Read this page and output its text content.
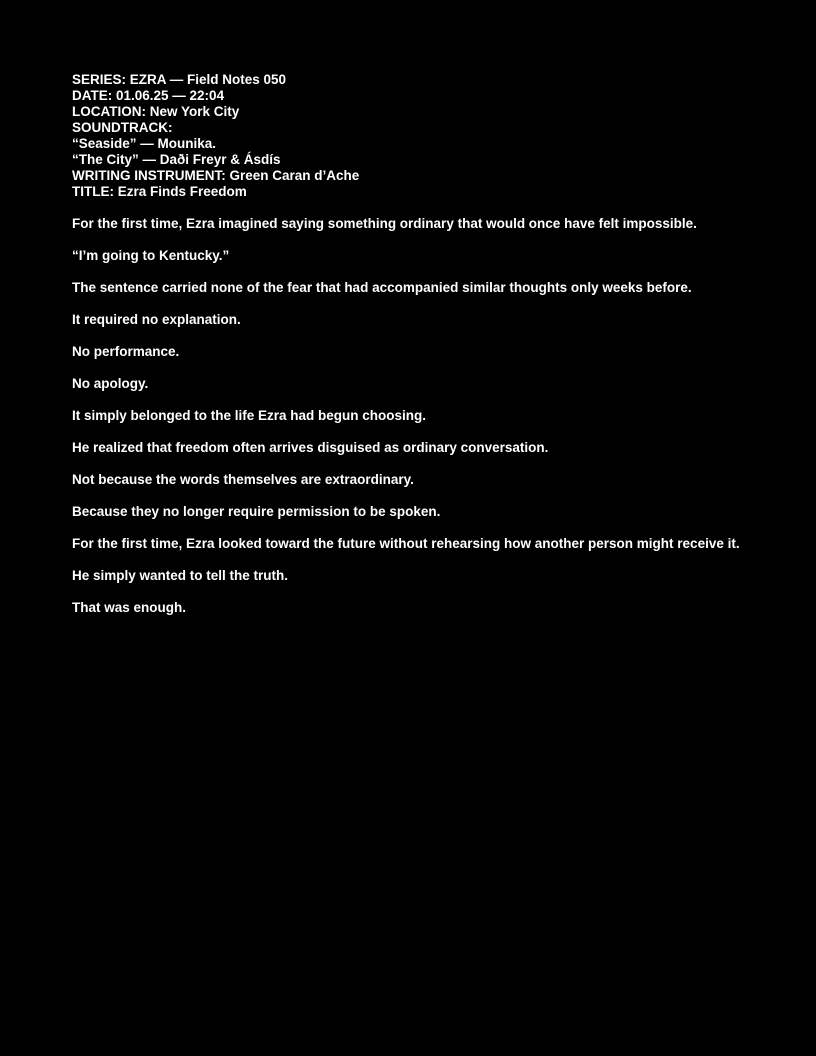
SERIES: EZRA — Field Notes 050
DATE: 01.06.25 — 22:04
LOCATION: New York City
SOUNDTRACK:
“Seaside” — Mounika.
“The City” — Daði Freyr & Ásdís
WRITING INSTRUMENT: Green Caran d’Ache
TITLE: Ezra Finds Freedom

For the first time, Ezra imagined saying something ordinary that would once have felt impossible.

“I’m going to Kentucky.”

The sentence carried none of the fear that had accompanied similar thoughts only weeks before.

It required no explanation.

No performance.

No apology.

It simply belonged to the life Ezra had begun choosing.

He realized that freedom often arrives disguised as ordinary conversation.

Not because the words themselves are extraordinary.

Because they no longer require permission to be spoken.

For the first time, Ezra looked toward the future without rehearsing how another person might receive it.

He simply wanted to tell the truth.

That was enough.
